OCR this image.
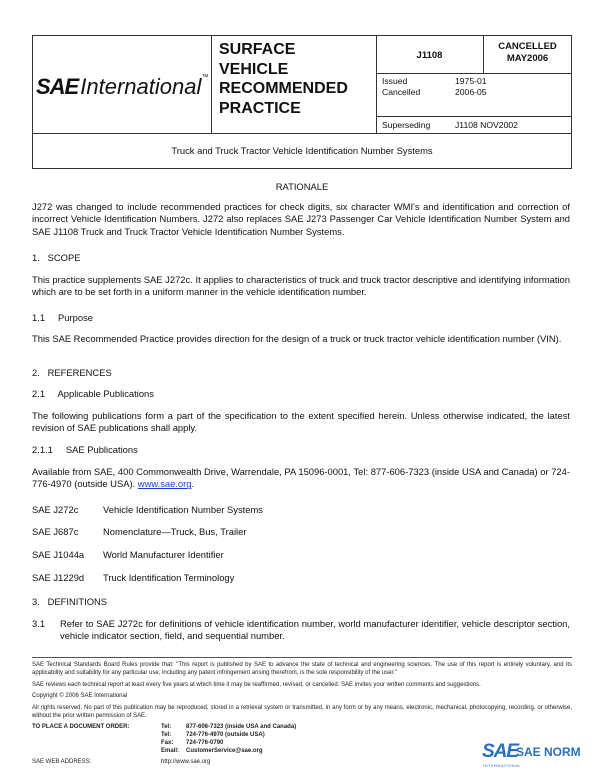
SAEInternational™
SURFACE
VEHICLE
RECOMMENDED
PRACTICE
J1108
CANCELLED
MAY2006
Issued	1975-01
Cancelled	2006-05
Superseding	J1108 NOV2002
Truck and Truck Tractor Vehicle Identification Number Systems
RATIONALE
J272 was changed to include recommended practices for check digits, six character WMI's and identification and correction of incorrect Vehicle Identification Numbers. J272 also replaces SAE J273 Passenger Car Vehicle Identification Number System and SAE J1108 Truck and Truck Tractor Vehicle Identification Number Systems.
1.   SCOPE
This practice supplements SAE J272c. It applies to characteristics of truck and truck tractor descriptive and identifying information which are to be set forth in a uniform manner in the vehicle identification number.
1.1     Purpose
This SAE Recommended Practice provides direction for the design of a truck or truck tractor vehicle identification number (VIN).
2.   REFERENCES
2.1     Applicable Publications
The following publications form a part of the specification to the extent specified herein. Unless otherwise indicated, the latest revision of SAE publications shall apply.
2.1.1     SAE Publications
Available from SAE, 400 Commonwealth Drive, Warrendale, PA 15096-0001, Tel: 877-606-7323 (inside USA and Canada) or 724-776-4970 (outside USA). www.sae.org.
SAE J272c	Vehicle Identification Number Systems
SAE J687c	Nomenclature—Truck, Bus, Trailer
SAE J1044a World Manufacturer Identifier
SAE J1229d Truck Identification Terminology
3.   DEFINITIONS
3.1 Refer to SAE J272c for definitions of vehicle identification number, world manufacturer identifier, vehicle descriptor section, vehicle indicator section, field, and sequential number.
SAE Technical Standards Board Rules provide that: "This report is published by SAE to advance the state of technical and engineering sciences. The use of this report is entirely voluntary, and its applicability and suitability for any particular use, including any patent infringement arising therefrom, is the sole responsibility of the user."
SAE reviews each technical report at least every five years at which time it may be reaffirmed, revised, or cancelled. SAE invites your written comments and suggestions.
Copyright © 2006 SAE International
All rights reserved. No part of this publication may be reproduced, stored in a retrieval system or transmitted, in any form or by any means, electronic, mechanical, photocopying, recording, or otherwise, without the prior written permission of SAE.
TO PLACE A DOCUMENT ORDER:	Tel: 877-606-7323 (inside USA and Canada)
Tel: 724-776-4970 (outside USA)
Fax: 724-776-0790
Email: CustomerService@sae.org
SAE WEB ADDRESS:	http://www.sae.org	SAE
SAE NORM
INTERNATIONAL
